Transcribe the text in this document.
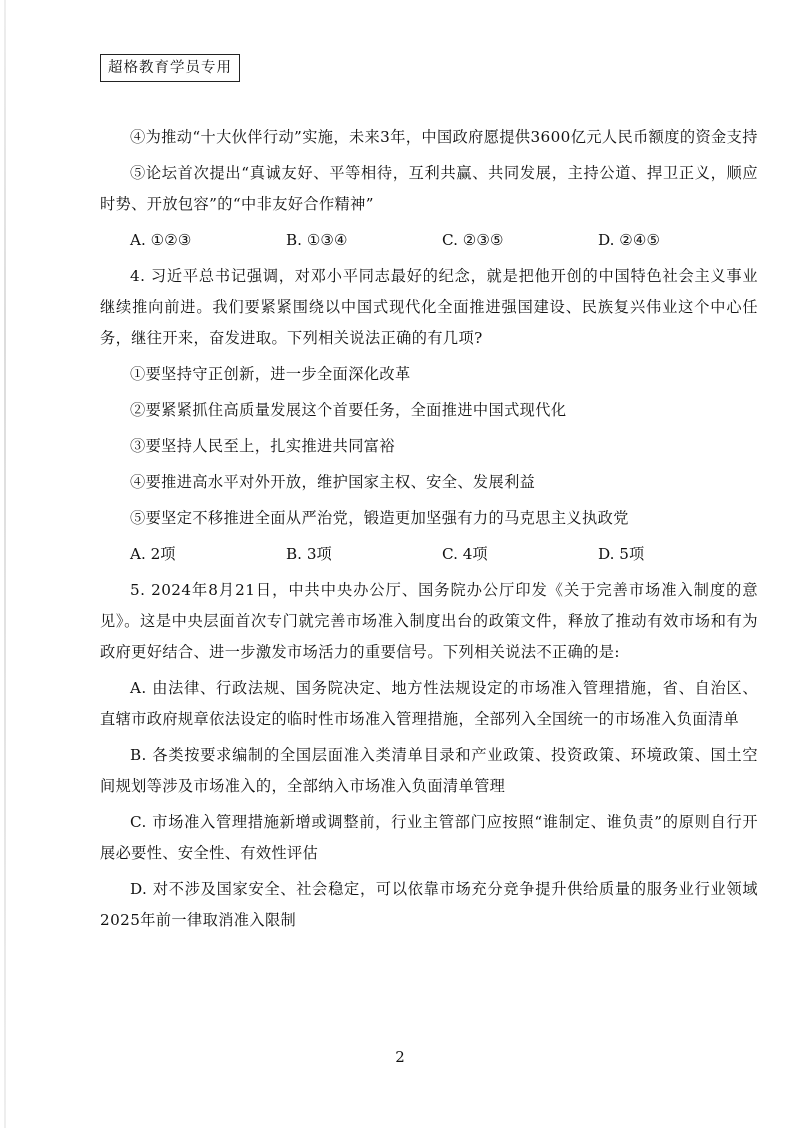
超格教育学员专用

④为推动“十大伙伴行动”实施，未来3年，中国政府愿提供3600亿元人民币额度的资金支持

⑤论坛首次提出“真诚友好、平等相待，互利共赢、共同发展，主持公道、捍卫正义，顺应时势、开放包容”的“中非友好合作精神”

A. ①②③	B. ①③④	C. ②③⑤	D. ②④⑤

4. 习近平总书记强调，对邓小平同志最好的纪念，就是把他开创的中国特色社会主义事业继续推向前进。我们要紧紧围绕以中国式现代化全面推进强国建设、民族复兴伟业这个中心任务，继往开来，奋发进取。下列相关说法正确的有几项?

①要坚持守正创新，进一步全面深化改革

②要紧紧抓住高质量发展这个首要任务，全面推进中国式现代化

③要坚持人民至上，扎实推进共同富裕

④要推进高水平对外开放，维护国家主权、安全、发展利益

⑤要坚定不移推进全面从严治党，锻造更加坚强有力的马克思主义执政党

A. 2项	B. 3项	C. 4项	D. 5项

5. 2024年8月21日，中共中央办公厅、国务院办公厅印发《关于完善市场准入制度的意见》。这是中央层面首次专门就完善市场准入制度出台的政策文件，释放了推动有效市场和有为政府更好结合、进一步激发市场活力的重要信号。下列相关说法不正确的是:

A. 由法律、行政法规、国务院决定、地方性法规设定的市场准入管理措施，省、自治区、直辖市政府规章依法设定的临时性市场准入管理措施，全部列入全国统一的市场准入负面清单

B. 各类按要求编制的全国层面准入类清单目录和产业政策、投资政策、环境政策、国土空间规划等涉及市场准入的，全部纳入市场准入负面清单管理

C. 市场准入管理措施新增或调整前，行业主管部门应按照“谁制定、谁负责”的原则自行开展必要性、安全性、有效性评估

D. 对不涉及国家安全、社会稳定，可以依靠市场充分竞争提升供给质量的服务业行业领域2025年前一律取消准入限制

2
